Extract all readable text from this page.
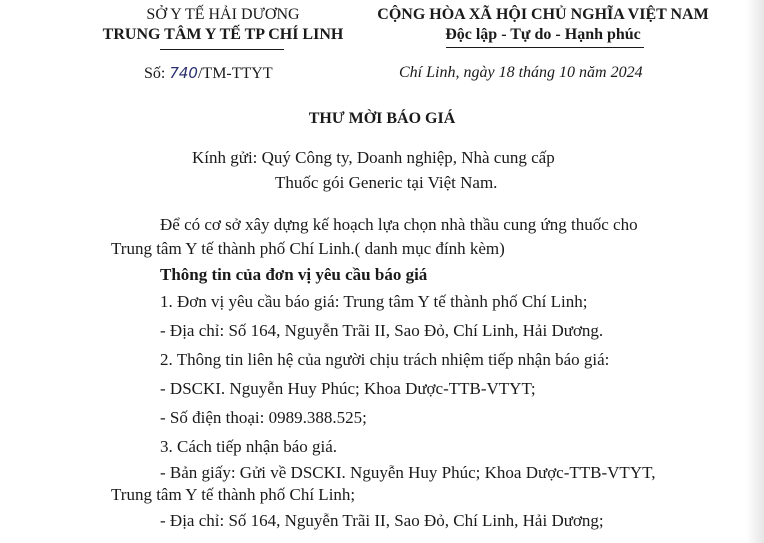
SỞ Y TẾ HẢI DƯƠNG
TRUNG TÂM Y TẾ TP CHÍ LINH
CỘNG HÒA XÃ HỘI CHỦ NGHĨA VIỆT NAM
Độc lập - Tự do - Hạnh phúc
Số: 740/TM-TTYT	Chí Linh, ngày 18 tháng 10 năm 2024
THƯ MỜI BÁO GIÁ
Kính gửi: Quý Công ty, Doanh nghiệp, Nhà cung cấp
Thuốc gói Generic tại Việt Nam.
Để có cơ sở xây dựng kế hoạch lựa chọn nhà thầu cung ứng thuốc cho
Trung tâm Y tế thành phố Chí Linh.( danh mục đính kèm)
Thông tin của đơn vị yêu cầu báo giá
1. Đơn vị yêu cầu báo giá: Trung tâm Y tế thành phố Chí Linh;
- Địa chỉ: Số 164, Nguyễn Trãi II, Sao Đỏ, Chí Linh, Hải Dương.
2. Thông tin liên hệ của người chịu trách nhiệm tiếp nhận báo giá:
- DSCKI. Nguyễn Huy Phúc; Khoa Dược-TTB-VTYT;
- Số điện thoại: 0989.388.525;
3. Cách tiếp nhận báo giá.
- Bản giấy: Gửi về DSCKI. Nguyễn Huy Phúc; Khoa Dược-TTB-VTYT,
Trung tâm Y tế thành phố Chí Linh;
- Địa chỉ: Số 164, Nguyễn Trãi II, Sao Đỏ, Chí Linh, Hải Dương;
